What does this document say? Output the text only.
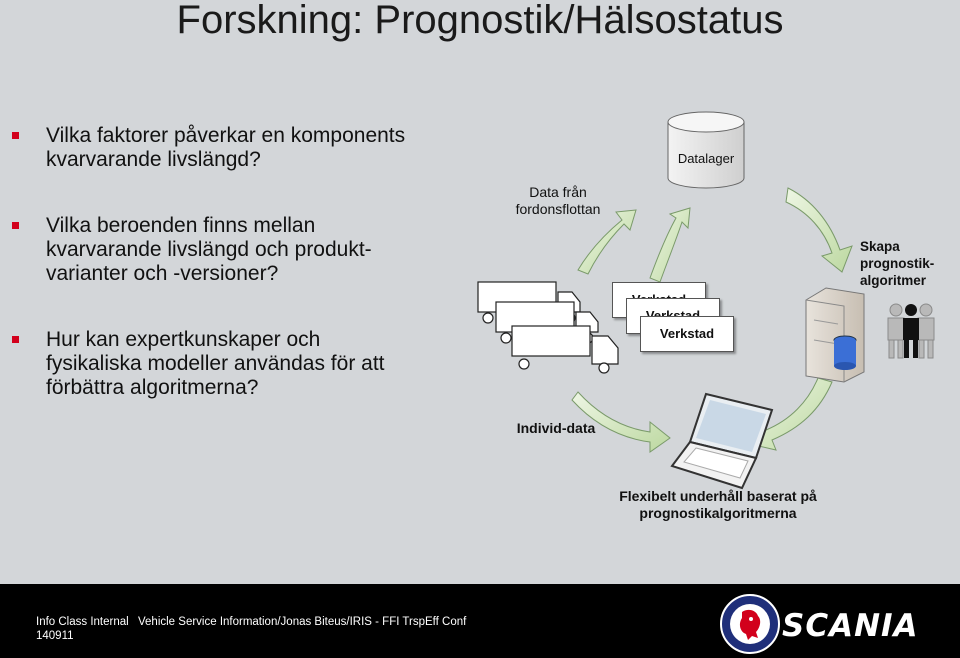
Forskning: Prognostik/Hälsostatus
Vilka faktorer påverkar en komponents
kvarvarande livslängd?
Vilka beroenden finns mellan
kvarvarande livslängd och produkt-
varianter och -versioner?
Hur kan expertkunskaper och
fysikaliska modeller användas för att
förbättra algoritmerna?
Verkstad
Data från
fordonsflottan
Datalager
Skapa
prognostik-
algoritmer
Individ-data
Flexibelt underhåll baserat på
prognostikalgoritmerna
Info Class Internal
140911
Vehicle Service Information/Jonas Biteus/IRIS - FFI TrspEff Conf	SCANIA
